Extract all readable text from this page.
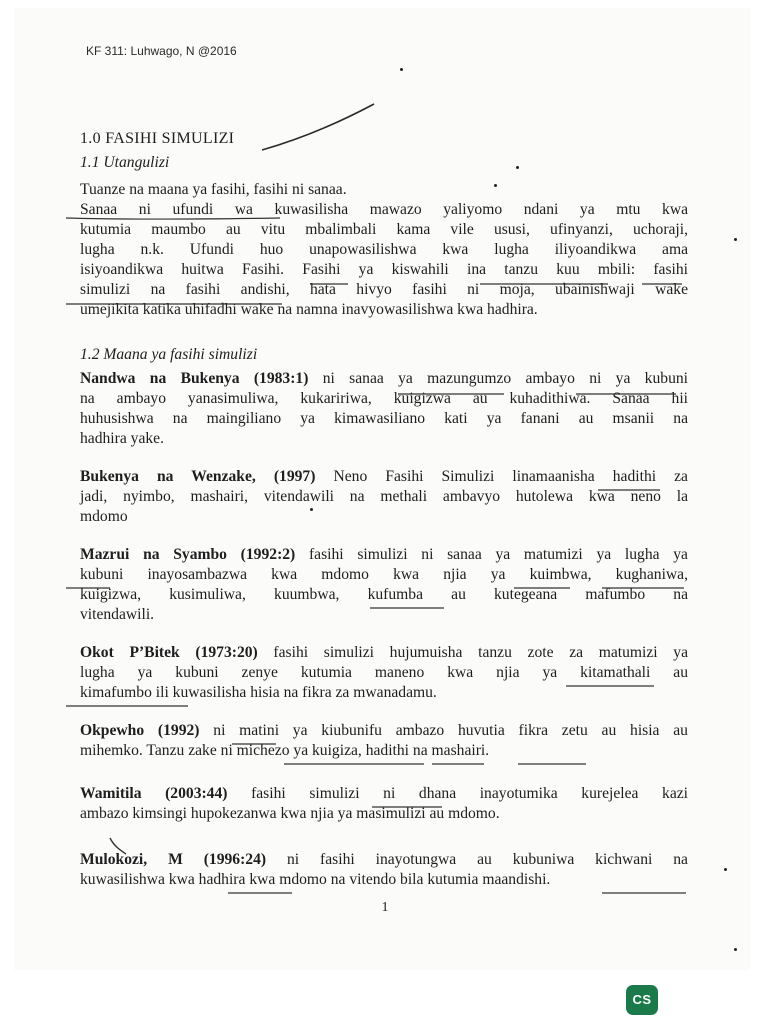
KF 311: Luhwago, N @2016
1.0 FASIHI SIMULIZI
1.1 Utangulizi
Tuanze na maana ya fasihi, fasihi ni sanaa.
Sanaa ni ufundi wa kuwasilisha mawazo yaliyomo ndani ya mtu kwa
kutumia maumbo au vitu mbalimbali kama vile ususi, ufinyanzi, uchoraji,
lugha n.k. Ufundi huo unapowasilishwa kwa lugha iliyoandikwa ama
isiyoandikwa huitwa Fasihi. Fasihi ya kiswahili ina tanzu kuu mbili: fasihi
simulizi na fasihi andishi, hata hivyo fasihi ni moja, ubainishwaji wake
umejikita katika uhifadhi wake na namna inavyowasilishwa kwa hadhira.
1.2 Maana ya fasihi simulizi
Nandwa na Bukenya (1983:1) ni sanaa ya mazungumzo ambayo ni ya kubuni
na ambayo yanasimuliwa, kukaririwa, kuigizwa au kuhadithiwa. Sanaa hii
huhusishwa na maingiliano ya kimawasiliano kati ya fanani au msanii na
hadhira yake.
Bukenya na Wenzake, (1997) Neno Fasihi Simulizi linamaanisha hadithi za
jadi, nyimbo, mashairi, vitendawili na methali ambavyo hutolewa kwa neno la
mdomo
Mazrui na Syambo (1992:2) fasihi simulizi ni sanaa ya matumizi ya lugha ya
kubuni inayosambazwa kwa mdomo kwa njia ya kuimbwa, kughaniwa,
kuigizwa, kusimuliwa, kuumbwa, kufumba au kutegeana mafumbo na
vitendawili.
Okot P’Bitek (1973:20) fasihi simulizi hujumuisha tanzu zote za matumizi ya
lugha ya kubuni zenye kutumia maneno kwa njia ya kitamathali au
kimafumbo ili kuwasilisha hisia na fikra za mwanadamu.
Okpewho (1992) ni matini ya kiubunifu ambazo huvutia fikra zetu au hisia au
mihemko. Tanzu zake ni michezo ya kuigiza, hadithi na mashairi.
Wamitila (2003:44) fasihi simulizi ni dhana inayotumika kurejelea kazi
ambazo kimsingi hupokezanwa kwa njia ya masimulizi au mdomo.
Mulokozi, M (1996:24) ni fasihi inayotungwa au kubuniwa kichwani na
kuwasilishwa kwa hadhira kwa mdomo na vitendo bila kutumia maandishi.
1
CS
